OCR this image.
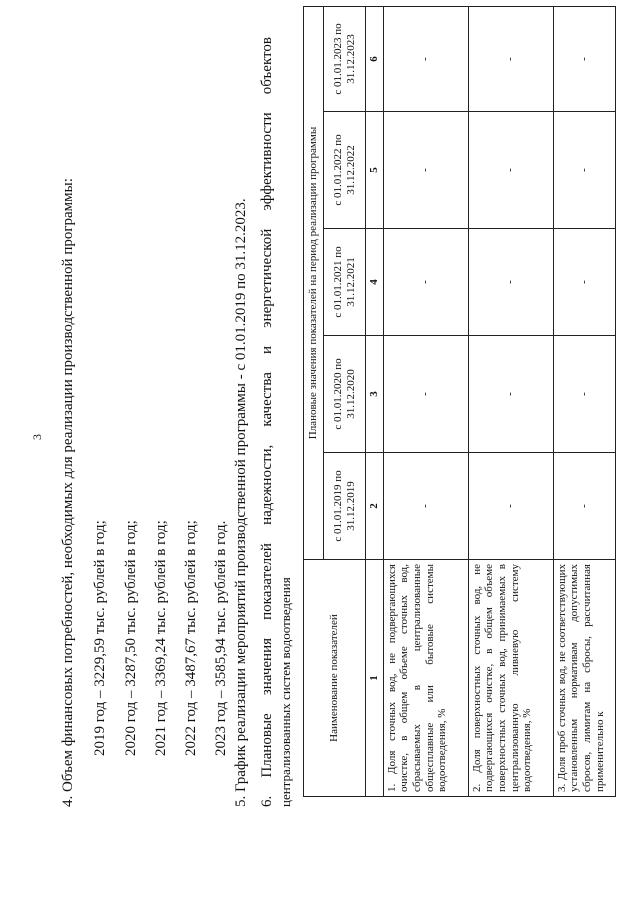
3 4. Объем финансовых потребностей, необходимых для реализации производственной программы: 2019 год – 3229,59 тыс. рублей в год; 2020 год – 3287,50 тыс. рублей в год; 2021 год – 3369,24 тыс. рублей в год; 2022 год – 3487,67 тыс. рублей в год; 2023 год – 3585,94 тыс. рублей в год. 5. График реализации мероприятий производственной программы - с 01.01.2019 по 31.12.2023. 6.
Плановые
значения
показателей
надежности,
качества
и
энергетической
эффективности
объектов
централизованных систем водоотведения	Наименование показателей	Плановые значения показателей на период реализации программы				
	с 01.01.2019 по 31.12.2019	с 01.01.2020 по 31.12.2020	с 01.01.2021 по 31.12.2021	с 01.01.2022 по 31.12.2022	с 01.01.2023 по 31.12.2023
1	2	3	4	5	6
1. Доля сточных вод, не подвергающихся очистке, в общем объеме сточных вод, сбрасываемых в централизованные общесплавные или бытовые системы водоотведения, %	-	-	-	-	-
2. Доля поверхностных сточных вод, не подвергающихся очистке, в общем объеме поверхностных сточных вод, принимаемых в централизованную ливневую систему водоотведения, %	-	-	-	-	-
3. Доля проб сточных вод, не соответствующих установленным нормативам допустимых сбросов, лимитам на сбросы, рассчитанная применительно к	-	-	-	-	-
